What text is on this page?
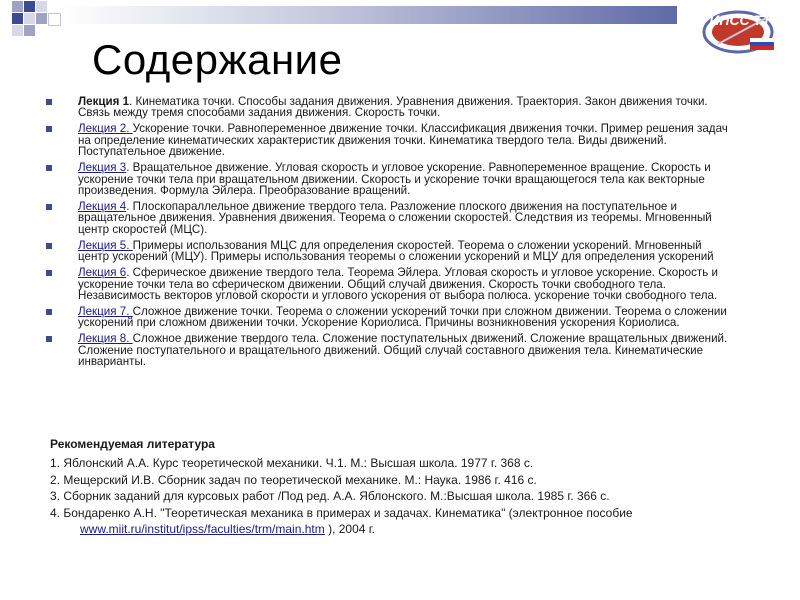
ИПСС ТТ
Содержание
Лекция 1. Кинематика точки. Способы задания движения. Уравнения движения. Траектория. Закон движения точки. Связь между тремя способами задания движения. Скорость точки.
Лекция 2. Ускорение точки. Равнопеременное движение точки. Классификация движения точки. Пример решения задач на определение кинематических характеристик движения точки. Кинематика твердого тела. Виды движений. Поступательное движение.
Лекция 3. Вращательное движение. Угловая скорость и угловое ускорение. Равнопеременное вращение. Скорость и ускорение точки тела при вращательном движении. Скорость и ускорение точки вращающегося тела как векторные произведения. Формула Эйлера. Преобразование вращений.
Лекция 4. Плоскопараллельное движение твердого тела. Разложение плоского движения на поступательное и вращательное движения. Уравнения движения. Теорема о сложении скоростей. Следствия из теоремы. Мгновенный центр скоростей (МЦС).
Лекция 5. Примеры использования МЦС для определения скоростей. Теорема о сложении ускорений. Мгновенный центр ускорений (МЦУ). Примеры использования теоремы о сложении ускорений и МЦУ для определения ускорений
Лекция 6. Сферическое движение твердого тела. Теорема Эйлера. Угловая скорость и угловое ускорение. Скорость и ускорение точки тела во сферическом движении. Общий случай движения. Скорость точки свободного тела. Независимость векторов угловой скорости и углового ускорения от выбора полюса. ускорение точки свободного тела.
Лекция 7. Сложное движение точки. Теорема о сложении ускорений точки при сложном движении. Теорема о сложении ускорений при сложном движении точки. Ускорение Кориолиса. Причины возникновения ускорения Кориолиса.
Лекция 8. Сложное движение твердого тела. Сложение поступательных движений. Сложение вращательных движений. Сложение поступательного и вращательного движений. Общий случай составного движения тела. Кинематические инварианты.
Рекомендуемая литература
1. Яблонский А.А. Курс теоретической механики. Ч.1. М.: Высшая школа. 1977 г. 368 с.
2. Мещерский И.В. Сборник задач по теоретической механике. М.: Наука. 1986 г. 416 с.
3. Сборник заданий для курсовых работ /Под ред. А.А. Яблонского. М.:Высшая школа. 1985 г. 366 с.
4. Бондаренко А.Н. "Теоретическая механика в примерах и задачах. Кинематика" (электронное пособие
www.miit.ru/institut/ipss/faculties/trm/main.htm ), 2004 г.
